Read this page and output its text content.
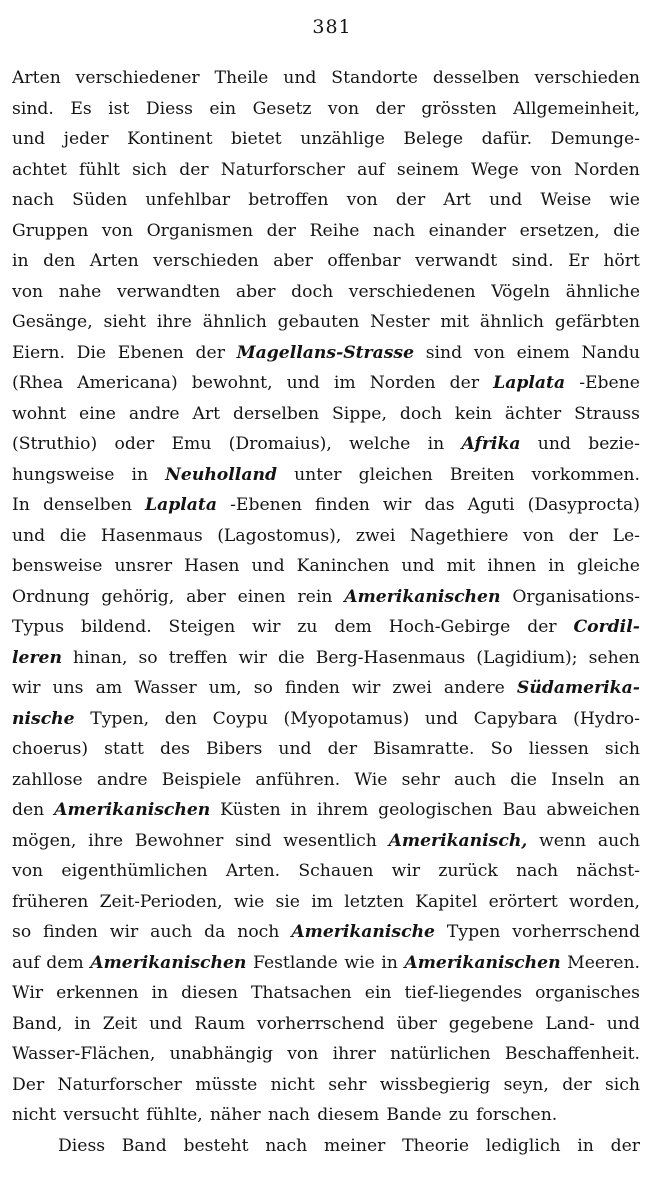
381
Arten verschiedener Theile und Standorte desselben verschieden
sind. Es ist Diess ein Gesetz von der grössten Allgemeinheit,
und jeder Kontinent bietet unzählige Belege dafür. Demunge-
achtet fühlt sich der Naturforscher auf seinem Wege von Norden
nach Süden unfehlbar betroffen von der Art und Weise wie
Gruppen von Organismen der Reihe nach einander ersetzen, die
in den Arten verschieden aber offenbar verwandt sind. Er hört
von nahe verwandten aber doch verschiedenen Vögeln ähnliche
Gesänge, sieht ihre ähnlich gebauten Nester mit ähnlich gefärbten
Eiern. Die Ebenen der Magellans-Strasse sind von einem Nandu
(Rhea Americana) bewohnt, und im Norden der Laplata -Ebene
wohnt eine andre Art derselben Sippe, doch kein ächter Strauss
(Struthio) oder Emu (Dromaius), welche in Afrika und bezie-
hungsweise in Neuholland unter gleichen Breiten vorkommen.
In denselben Laplata -Ebenen finden wir das Aguti (Dasyprocta)
und die Hasenmaus (Lagostomus), zwei Nagethiere von der Le-
bensweise unsrer Hasen und Kaninchen und mit ihnen in gleiche
Ordnung gehörig, aber einen rein Amerikanischen Organisations-
Typus bildend. Steigen wir zu dem Hoch-Gebirge der Cordil-
leren hinan, so treffen wir die Berg-Hasenmaus (Lagidium); sehen
wir uns am Wasser um, so finden wir zwei andere Südamerika-
nische Typen, den Coypu (Myopotamus) und Capybara (Hydro-
choerus) statt des Bibers und der Bisamratte. So liessen sich
zahllose andre Beispiele anführen. Wie sehr auch die Inseln an
den Amerikanischen Küsten in ihrem geologischen Bau abweichen
mögen, ihre Bewohner sind wesentlich Amerikanisch, wenn auch
von eigenthümlichen Arten. Schauen wir zurück nach nächst-
früheren Zeit-Perioden, wie sie im letzten Kapitel erörtert worden,
so finden wir auch da noch Amerikanische Typen vorherrschend
auf dem Amerikanischen Festlande wie in Amerikanischen Meeren.
Wir erkennen in diesen Thatsachen ein tief-liegendes organisches
Band, in Zeit und Raum vorherrschend über gegebene Land- und
Wasser-Flächen, unabhängig von ihrer natürlichen Beschaffenheit.
Der Naturforscher müsste nicht sehr wissbegierig seyn, der sich
nicht versucht fühlte, näher nach diesem Bande zu forschen.
Diess Band besteht nach meiner Theorie lediglich in der
